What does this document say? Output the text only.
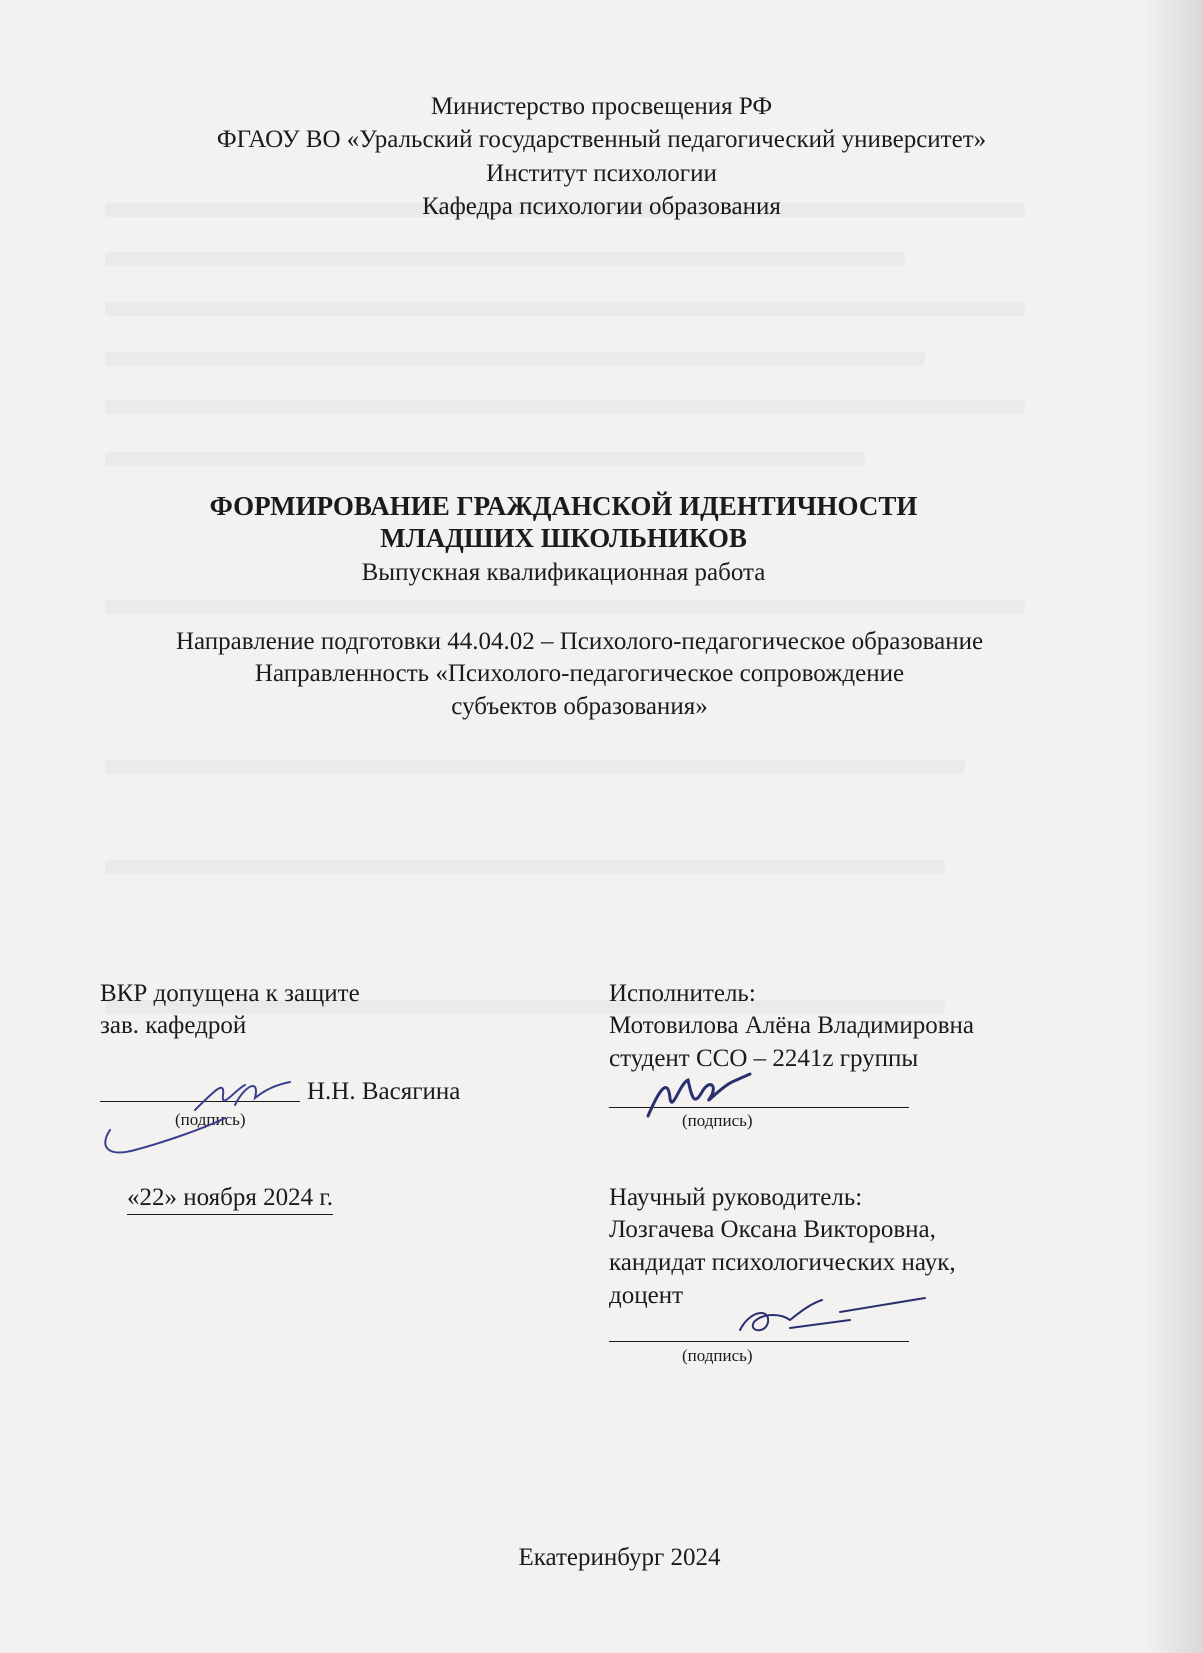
Министерство просвещения РФ
ФГАОУ ВО «Уральский государственный педагогический университет»
Институт психологии
Кафедра психологии образования
ФОРМИРОВАНИЕ ГРАЖДАНСКОЙ ИДЕНТИЧНОСТИ
МЛАДШИХ ШКОЛЬНИКОВ
Выпускная квалификационная работа
Направление подготовки 44.04.02 – Психолого-педагогическое образование
Направленность «Психолого-педагогическое сопровождение
субъектов образования»
ВКР допущена к защите
зав. кафедрой
Н.Н. Васягина
(подпись)
«22» ноября 2024 г.
Исполнитель:
Мотовилова Алёна Владимировна
студент ССО – 2241z группы
(подпись)
Научный руководитель:
Лозгачева Оксана Викторовна,
кандидат психологических наук,
доцент
(подпись)
Екатеринбург 2024
